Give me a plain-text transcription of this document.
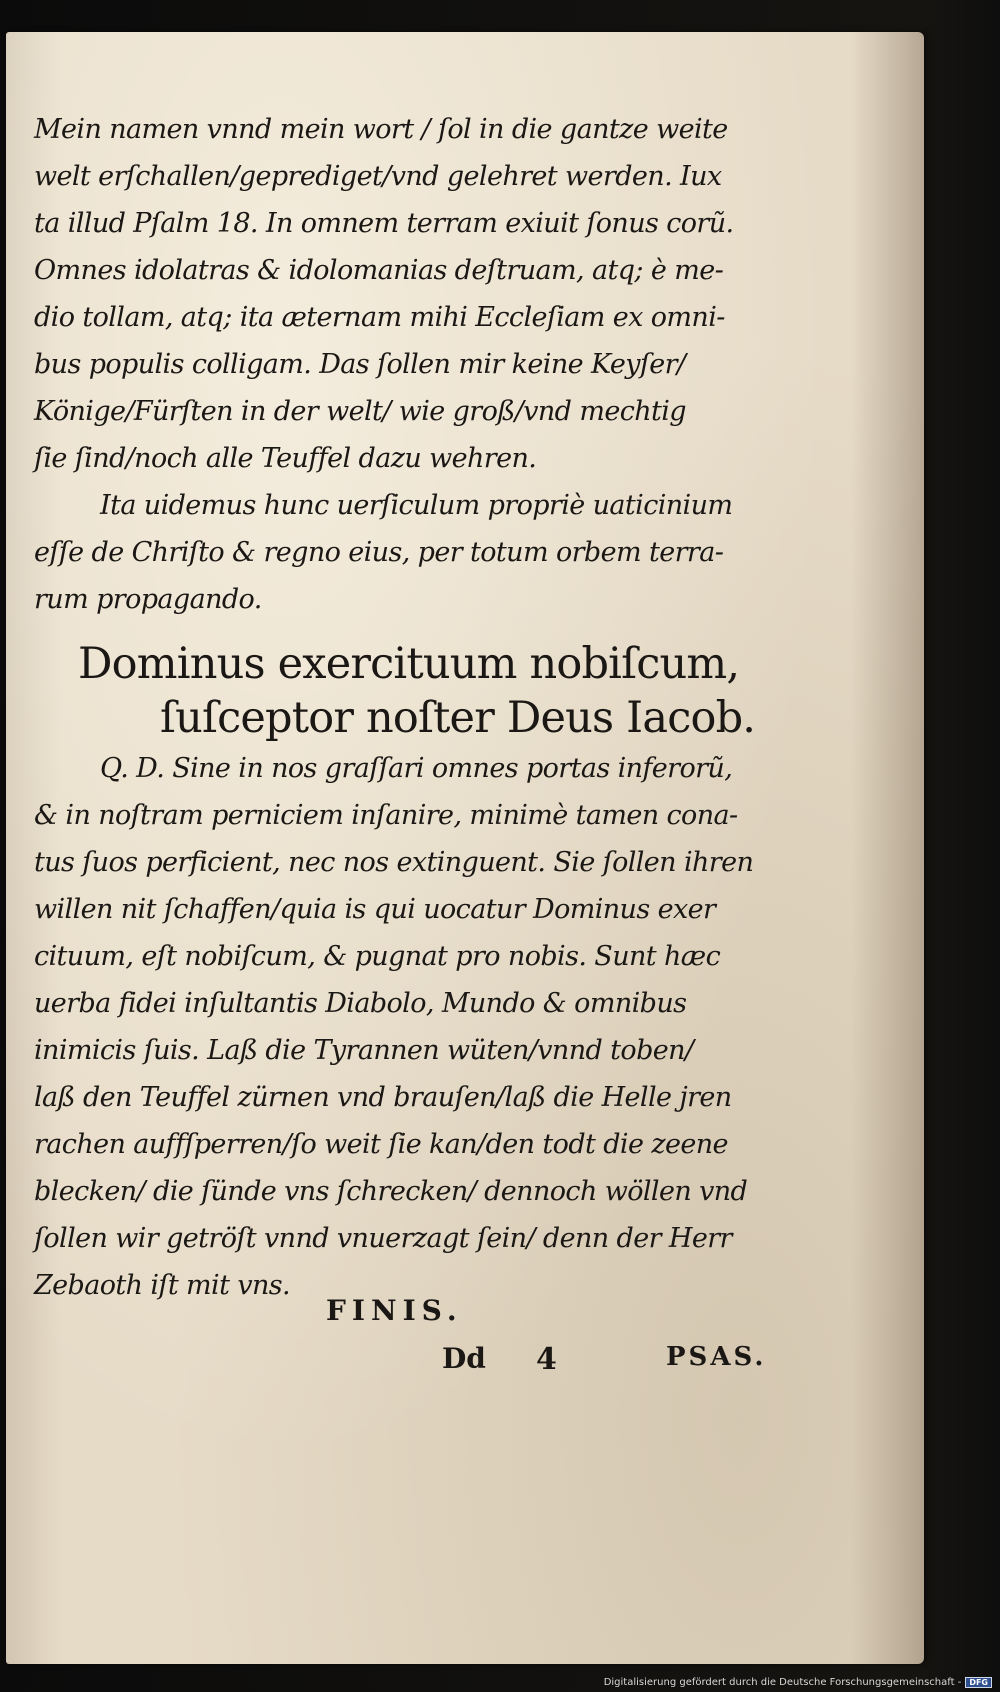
Mein namen vnnd mein wort / ſol in die gantze weite
welt erſchallen/geprediget/vnd gelehret werden. Iux
ta illud Pſalm 18. In omnem terram exiuit ſonus corũ.
Omnes idolatras & idolomanias deſtruam, atq; è me-
dio tollam, atq; ita æternam mihi Eccleſiam ex omni-
bus populis colligam. Das ſollen mir keine Keyſer/
Könige/Fürſten in der welt/ wie groß/vnd mechtig
ſie ſind/noch alle Teuffel dazu wehren.
Ita uidemus hunc uerſiculum propriè uaticinium
eſſe de Chriſto & regno eius, per totum orbem terra-
rum propagando.
Dominus exercituum nobiſcum,
ſuſceptor noſter Deus Iacob.
Q. D. Sine in nos graſſari omnes portas inferorũ,
& in noſtram perniciem inſanire, minimè tamen cona-
tus ſuos perficient, nec nos extinguent. Sie ſollen ihren
willen nit ſchaffen/quia is qui uocatur Dominus exer
cituum, eſt nobiſcum, & pugnat pro nobis. Sunt hæc
uerba fidei inſultantis Diabolo, Mundo & omnibus
inimicis ſuis. Laß die Tyrannen wüten/vnnd toben/
laß den Teuffel zürnen vnd brauſen/laß die Helle jren
rachen auffſperren/ſo weit ſie kan/den todt die zeene
blecken/ die ſünde vns ſchrecken/ dennoch wöllen vnd
ſollen wir getröſt vnnd vnuerzagt ſein/ denn der Herr
Zebaoth iſt mit vns.
FINIS.
Dd 4	PSAS.
Digitalisierung gefördert durch die Deutsche Forschungsgemeinschaft -	DFG
